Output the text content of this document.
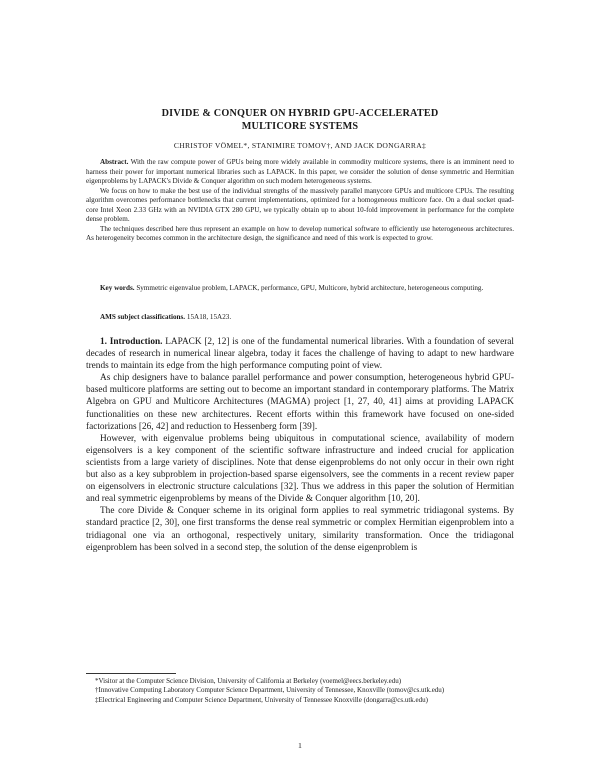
DIVIDE & CONQUER ON HYBRID GPU-ACCELERATED
MULTICORE SYSTEMS
CHRISTOF VÖMEL*, STANIMIRE TOMOV†, AND JACK DONGARRA‡

Abstract. With the raw compute power of GPUs being more widely available in commodity multicore systems, there is an imminent need to harness their power for important numerical libraries such as LAPACK. In this paper, we consider the solution of dense symmetric and Hermitian eigenproblems by LAPACK's Divide & Conquer algorithm on such modern heterogeneous systems.

We focus on how to make the best use of the individual strengths of the massively parallel manycore GPUs and multicore CPUs. The resulting algorithm overcomes performance bottlenecks that current implementations, optimized for a homogeneous multicore face. On a dual socket quad-core Intel Xeon 2.33 GHz with an NVIDIA GTX 280 GPU, we typically obtain up to about 10-fold improvement in performance for the complete dense problem.

The techniques described here thus represent an example on how to develop numerical software to efficiently use heterogeneous architectures. As heterogeneity becomes common in the architecture design, the significance and need of this work is expected to grow.

Key words. Symmetric eigenvalue problem, LAPACK, performance, GPU, Multicore, hybrid architecture, heterogeneous computing.

AMS subject classifications. 15A18, 15A23.

1. Introduction. LAPACK [2, 12] is one of the fundamental numerical libraries. With a foundation of several decades of research in numerical linear algebra, today it faces the challenge of having to adapt to new hardware trends to maintain its edge from the high performance computing point of view.

As chip designers have to balance parallel performance and power consumption, heterogeneous hybrid GPU-based multicore platforms are setting out to become an important standard in contemporary platforms. The Matrix Algebra on GPU and Multicore Architectures (MAGMA) project [1, 27, 40, 41] aims at providing LAPACK functionalities on these new architectures. Recent efforts within this framework have focused on one-sided factorizations [26, 42] and reduction to Hessenberg form [39].

However, with eigenvalue problems being ubiquitous in computational science, availability of modern eigensolvers is a key component of the scientific software infrastructure and indeed crucial for application scientists from a large variety of disciplines. Note that dense eigenproblems do not only occur in their own right but also as a key subproblem in projection-based sparse eigensolvers, see the comments in a recent review paper on eigensolvers in electronic structure calculations [32]. Thus we address in this paper the solution of Hermitian and real symmetric eigenproblems by means of the Divide & Conquer algorithm [10, 20].

The core Divide & Conquer scheme in its original form applies to real symmetric tridiagonal systems. By standard practice [2, 30], one first transforms the dense real symmetric or complex Hermitian eigenproblem into a tridiagonal one via an orthogonal, respectively unitary, similarity transformation. Once the tridiagonal eigenproblem has been solved in a second step, the solution of the dense eigenproblem is

*Visitor at the Computer Science Division, University of California at Berkeley (voemel@eecs.berkeley.edu)

†Innovative Computing Laboratory Computer Science Department, University of Tennessee, Knoxville (tomov@cs.utk.edu)

‡Electrical Engineering and Computer Science Department, University of Tennessee Knoxville (dongarra@cs.utk.edu)

1
